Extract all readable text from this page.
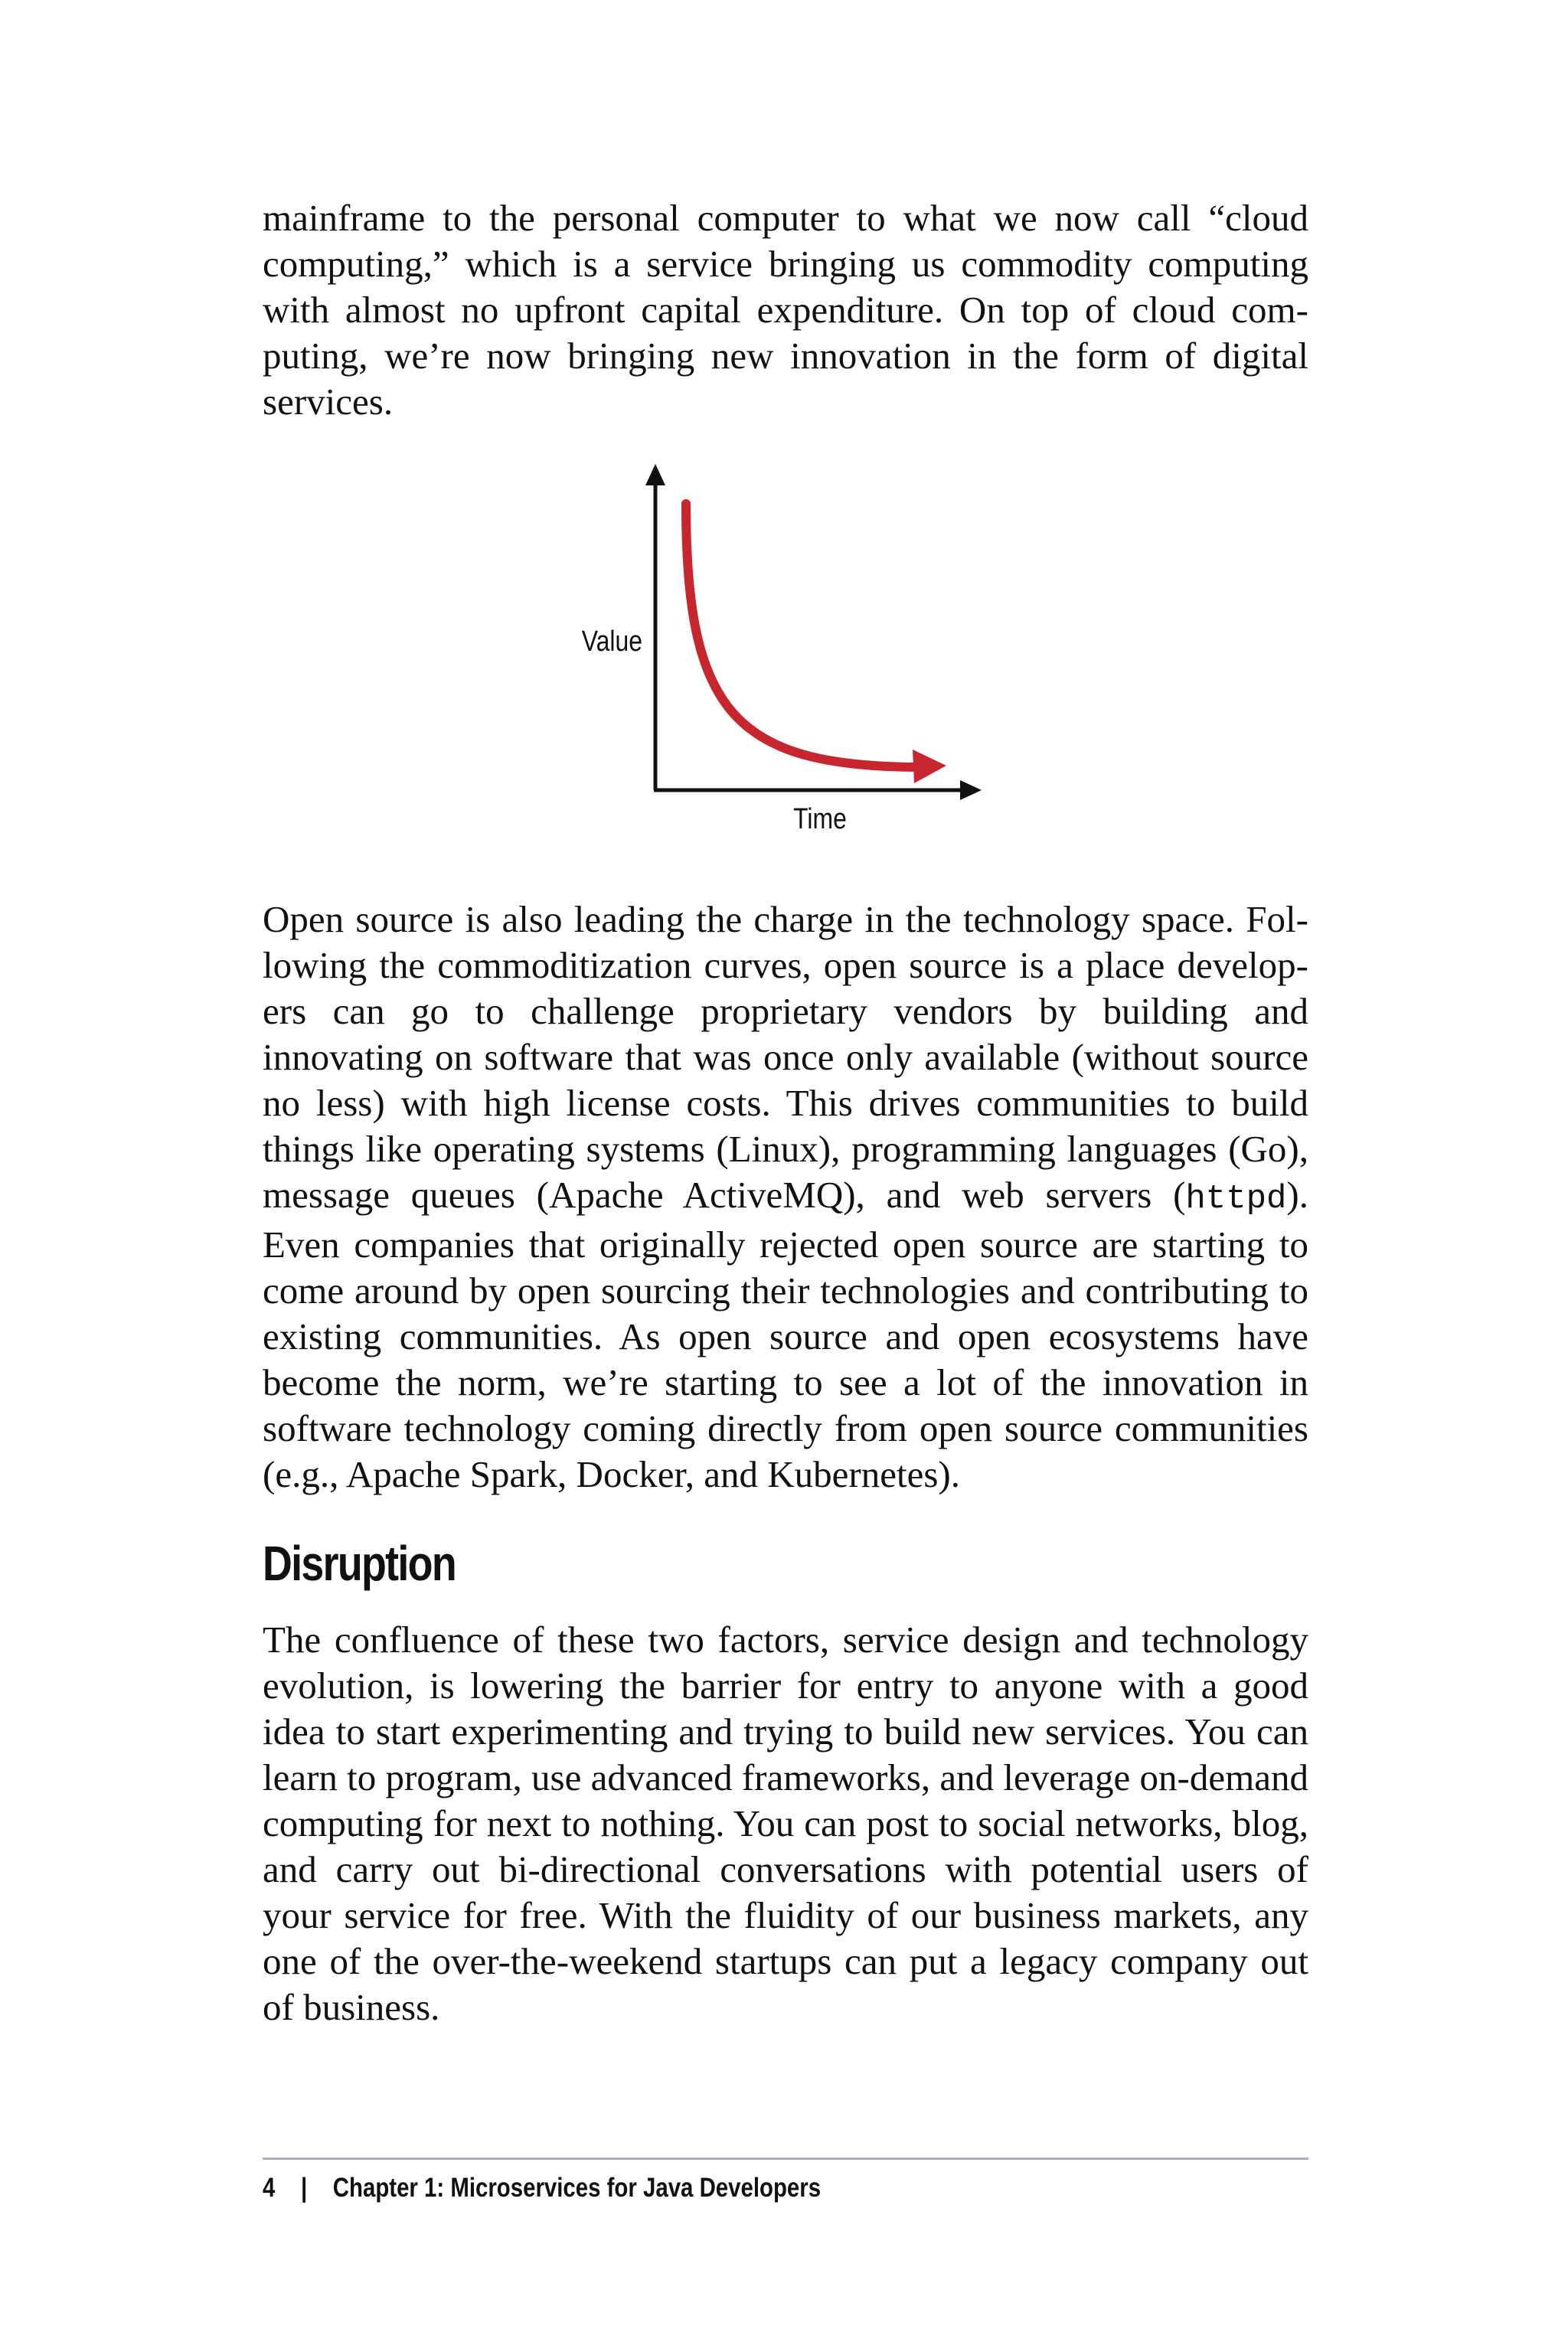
mainframe to the personal computer to what we now call “cloud computing,” which is a service bringing us commodity computing with almost no upfront capital expenditure. On top of cloud computing, we’re now bringing new innovation in the form of digital services.

Value
Time

Open source is also leading the charge in the technology space. Following the commoditization curves, open source is a place developers can go to challenge proprietary vendors by building and innovating on software that was once only available (without source no less) with high license costs. This drives communities to build things like operating systems (Linux), programming languages (Go), message queues (Apache ActiveMQ), and web servers (httpd). Even companies that originally rejected open source are starting to come around by open sourcing their technologies and contributing to existing communities. As open source and open ecosystems have become the norm, we’re starting to see a lot of the innovation in software technology coming directly from open source communities (e.g., Apache Spark, Docker, and Kubernetes).

Disruption

The confluence of these two factors, service design and technology evolution, is lowering the barrier for entry to anyone with a good idea to start experimenting and trying to build new services. You can learn to program, use advanced frameworks, and leverage on-demand computing for next to nothing. You can post to social networks, blog, and carry out bi-directional conversations with potential users of your service for free. With the fluidity of our business markets, any one of the over-the-weekend startups can put a legacy company out of business.

4 | Chapter 1: Microservices for Java Developers
